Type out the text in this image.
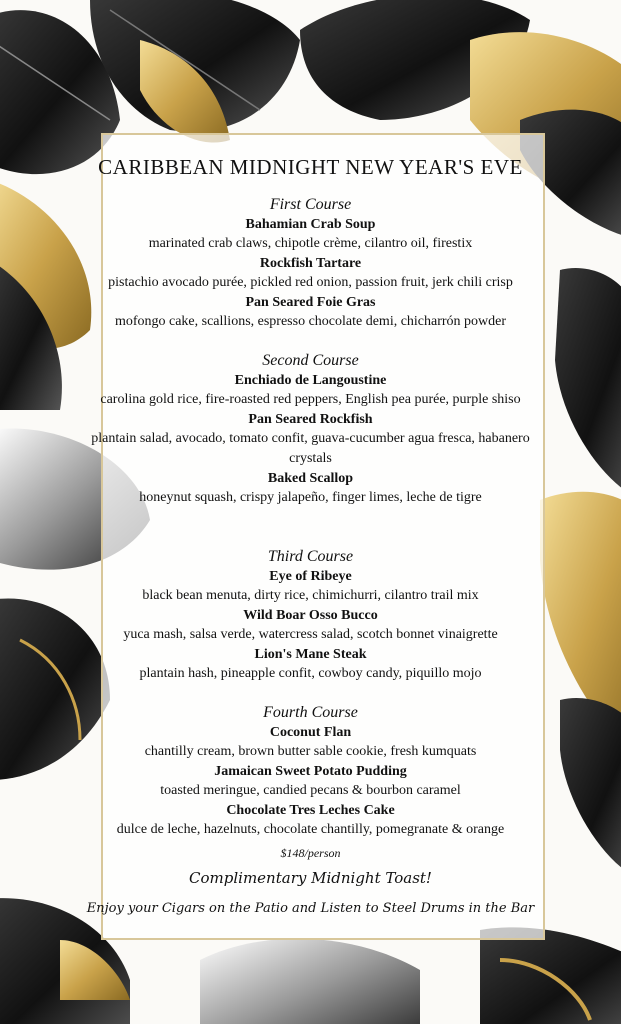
CARIBBEAN MIDNIGHT NEW YEAR'S EVE

First Course

Bahamian Crab Soup

marinated crab claws, chipotle crème, cilantro oil, firestix

Rockfish Tartare

pistachio avocado purée, pickled red onion, passion fruit, jerk chili crisp

Pan Seared Foie Gras

mofongo cake, scallions, espresso chocolate demi, chicharrón powder

Second Course

Enchiado de Langoustine

carolina gold rice, fire-roasted red peppers, English pea purée, purple shiso

Pan Seared Rockfish

plantain salad, avocado, tomato confit, guava-cucumber agua fresca, habanero crystals

Baked Scallop

honeynut squash, crispy jalapeño, finger limes, leche de tigre

Third Course

Eye of Ribeye

black bean menuta, dirty rice, chimichurri, cilantro trail mix

Wild Boar Osso Bucco

yuca mash, salsa verde, watercress salad, scotch bonnet vinaigrette

Lion's Mane Steak

plantain hash, pineapple confit, cowboy candy, piquillo mojo

Fourth Course

Coconut Flan

chantilly cream, brown butter sable cookie, fresh kumquats

Jamaican Sweet Potato Pudding

toasted meringue, candied pecans & bourbon caramel

Chocolate Tres Leches Cake

dulce de leche, hazelnuts, chocolate chantilly, pomegranate & orange

$148/person
Complimentary Midnight Toast!
Enjoy your Cigars on the Patio and Listen to Steel Drums in the Bar
